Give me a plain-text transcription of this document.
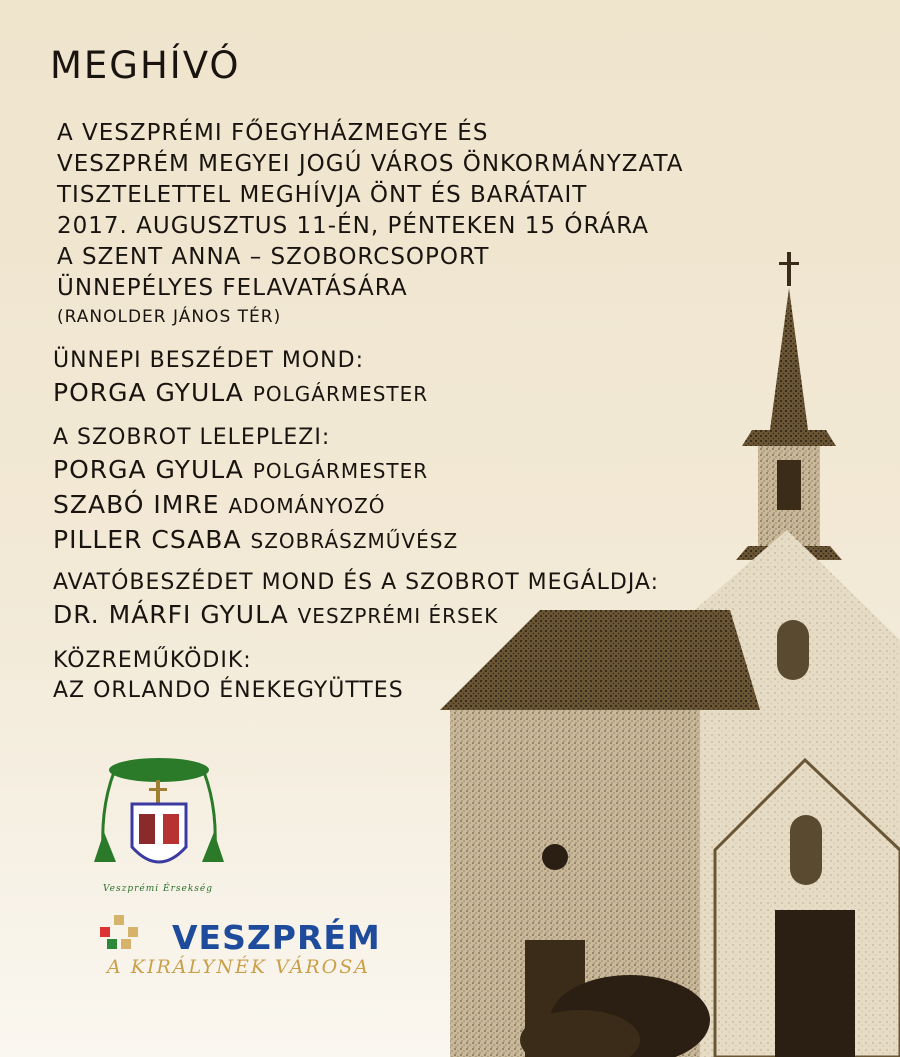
MEGHÍVÓ
A VESZPRÉMI FŐEGYHÁZMEGYE ÉS
VESZPRÉM MEGYEI JOGÚ VÁROS ÖNKORMÁNYZATA
TISZTELETTEL MEGHÍVJA ÖNT ÉS BARÁTAIT
2017. AUGUSZTUS 11-ÉN, PÉNTEKEN 15 ÓRÁRA
A SZENT ANNA – SZOBORCSOPORT
ÜNNEPÉLYES FELAVATÁSÁRA
(RANOLDER JÁNOS TÉR)
ÜNNEPI BESZÉDET MOND:
PORGA GYULA POLGÁRMESTER
A SZOBROT LELEPLEZI:
PORGA GYULA POLGÁRMESTER
SZABÓ IMRE ADOMÁNYOZÓ
PILLER CSABA SZOBRÁSZMŰVÉSZ
AVATÓBESZÉDET MOND ÉS A SZOBROT MEGÁLDJA:
DR. MÁRFI GYULA VESZPRÉMI ÉRSEK
KÖZREMŰKÖDIK:
AZ ORLANDO ÉNEKEGYÜTTES
Veszprémi Érsekség
VESZPRÉM
A KIRÁLYNÉK VÁROSA
